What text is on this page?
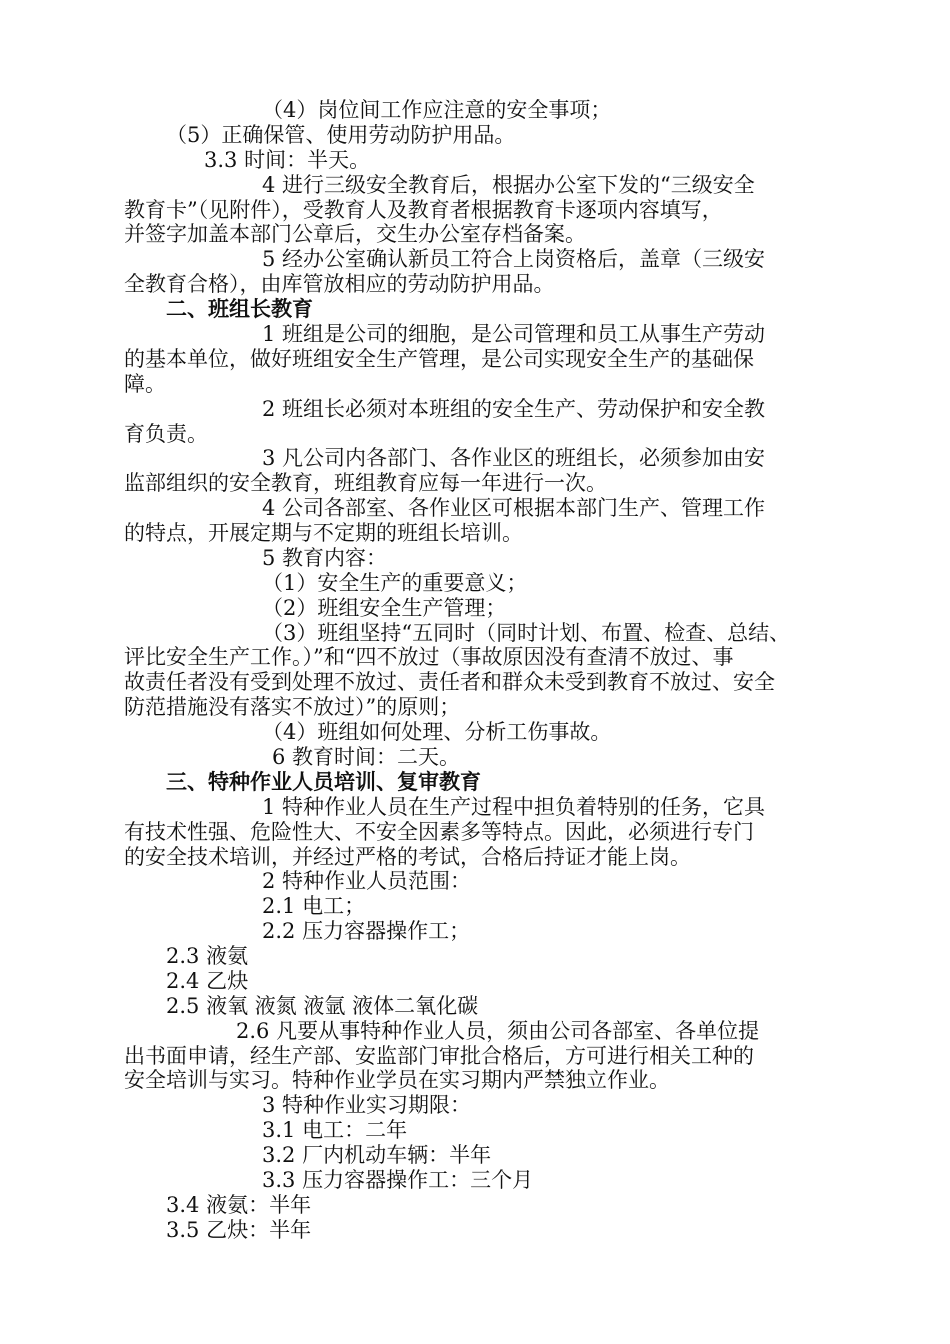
（4）岗位间工作应注意的安全事项；
（5）正确保管、使用劳动防护用品。
3.3 时间：半天。
4 进行三级安全教育后，根据办公室下发的“三级安全
教育卡”（见附件），受教育人及教育者根据教育卡逐项内容填写，
并签字加盖本部门公章后，交生办公室存档备案。
5 经办公室确认新员工符合上岗资格后，盖章（三级安
全教育合格），由库管放相应的劳动防护用品。
二、班组长教育
1 班组是公司的细胞，是公司管理和员工从事生产劳动
的基本单位，做好班组安全生产管理，是公司实现安全生产的基础保
障。
2 班组长必须对本班组的安全生产、劳动保护和安全教
育负责。
3 凡公司内各部门、各作业区的班组长，必须参加由安
监部组织的安全教育，班组教育应每一年进行一次。
4 公司各部室、各作业区可根据本部门生产、管理工作
的特点，开展定期与不定期的班组长培训。
5 教育内容：
（1）安全生产的重要意义；
（2）班组安全生产管理；
（3）班组坚持“五同时（同时计划、布置、检查、总结、
评比安全生产工作。）”和“四不放过（事故原因没有查清不放过、事
故责任者没有受到处理不放过、责任者和群众未受到教育不放过、安全
防范措施没有落实不放过）”的原则；
（4）班组如何处理、分析工伤事故。
6 教育时间：二天。
三、特种作业人员培训、复审教育
1 特种作业人员在生产过程中担负着特别的任务，它具
有技术性强、危险性大、不安全因素多等特点。因此，必须进行专门
的安全技术培训，并经过严格的考试，合格后持证才能上岗。
2 特种作业人员范围：
2.1 电工；
2.2 压力容器操作工；
2.3 液氨
2.4 乙炔
2.5 液氧 液氮 液氩 液体二氧化碳
2.6 凡要从事特种作业人员，须由公司各部室、各单位提
出书面申请，经生产部、安监部门审批合格后，方可进行相关工种的
安全培训与实习。特种作业学员在实习期内严禁独立作业。
3 特种作业实习期限：
3.1 电工：二年
3.2 厂内机动车辆：半年
3.3 压力容器操作工：三个月
3.4 液氨：半年
3.5 乙炔：半年
